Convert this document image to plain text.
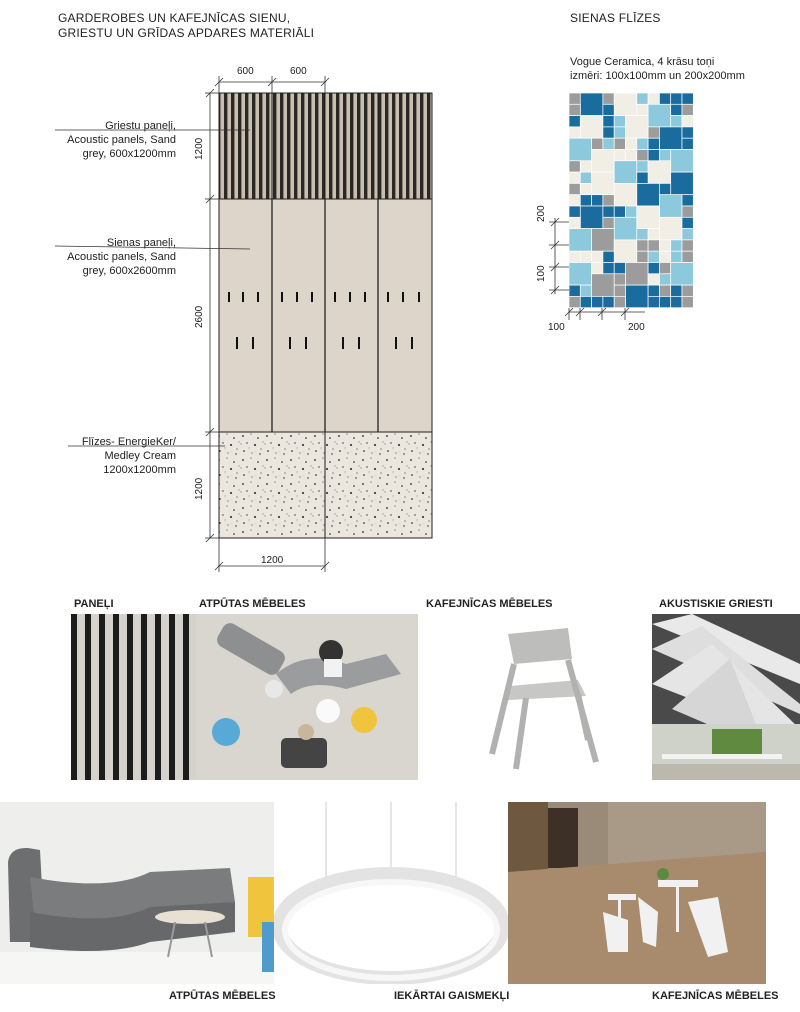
GARDEROBES UN KAFEJNĪCAS SIENU,
GRIESTU UN GRĪDAS APDARES MATERIĀLI
600	600
1200
2600
1200
1200
Griestu paneļi,
Acoustic panels, Sand
grey, 600x1200mm
Sienas paneļi,
Acoustic panels, Sand
grey, 600x2600mm
Flīzes- EnergieKer/
Medley Cream
1200x1200mm
SIENAS FLĪZES
Vogue Ceramica, 4 krāsu toņi
izmēri: 100x100mm un 200x200mm
200
100
100	200
PANEĻI	ATPŪTAS MĒBELES	KAFEJNĪCAS MĒBELES	AKUSTISKIE GRIESTI
ATPŪTAS MĒBELES	IEKĀRTAI GAISMEKĻI	KAFEJNĪCAS MĒBELES
